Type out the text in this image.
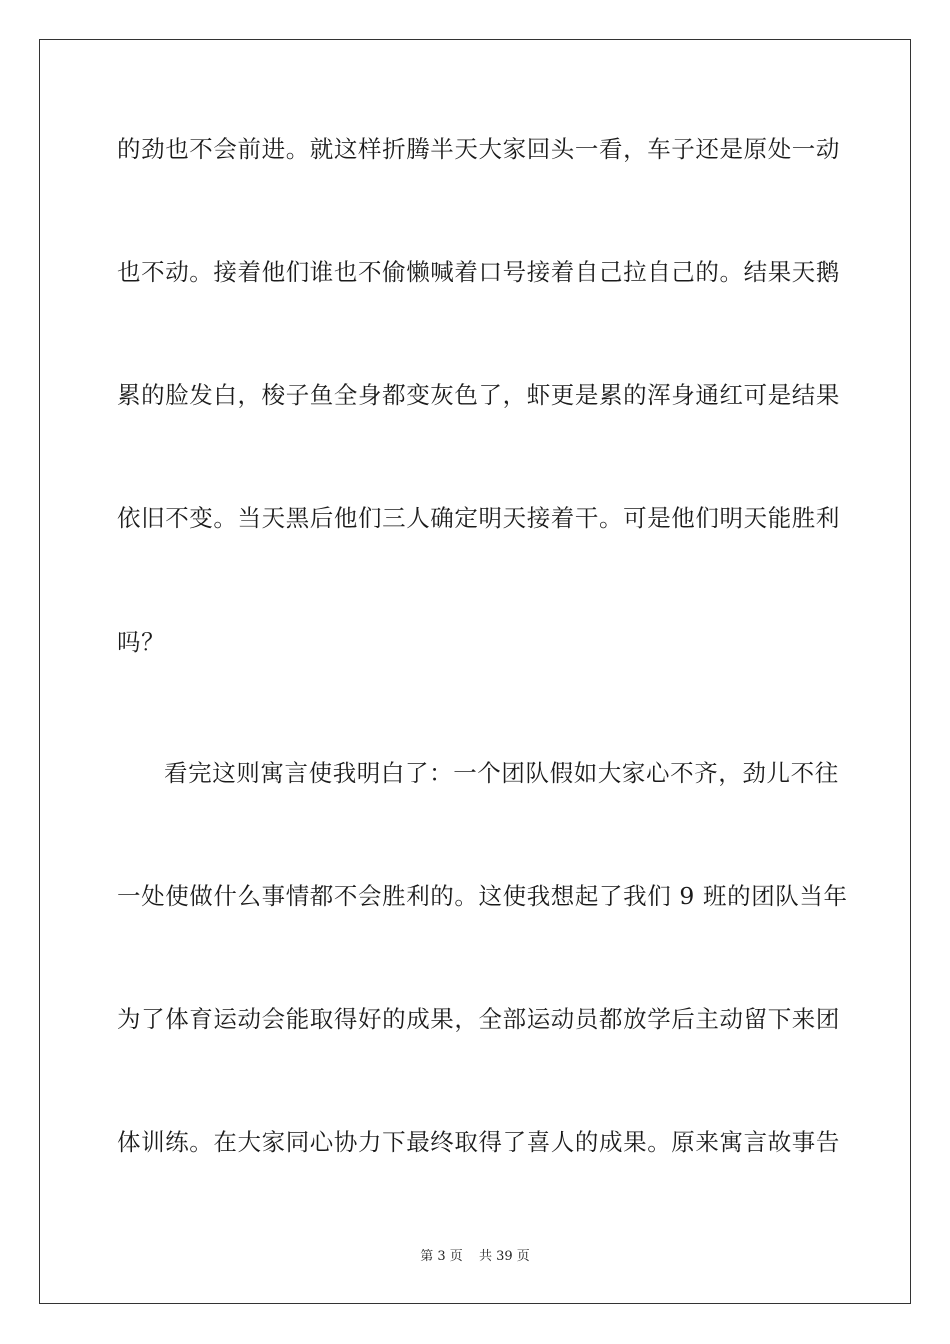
的劲也不会前进。就这样折腾半天大家回头一看，车子还是原处一动
也不动。接着他们谁也不偷懒喊着口号接着自己拉自己的。结果天鹅
累的脸发白，梭子鱼全身都变灰色了，虾更是累的浑身通红可是结果
依旧不变。当天黑后他们三人确定明天接着干。可是他们明天能胜利
吗？
看完这则寓言使我明白了：一个团队假如大家心不齐，劲儿不往
一处使做什么事情都不会胜利的。这使我想起了我们 9 班的团队当年
为了体育运动会能取得好的成果，全部运动员都放学后主动留下来团
体训练。在大家同心协力下最终取得了喜人的成果。原来寓言故事告
第 3 页 共 39 页
